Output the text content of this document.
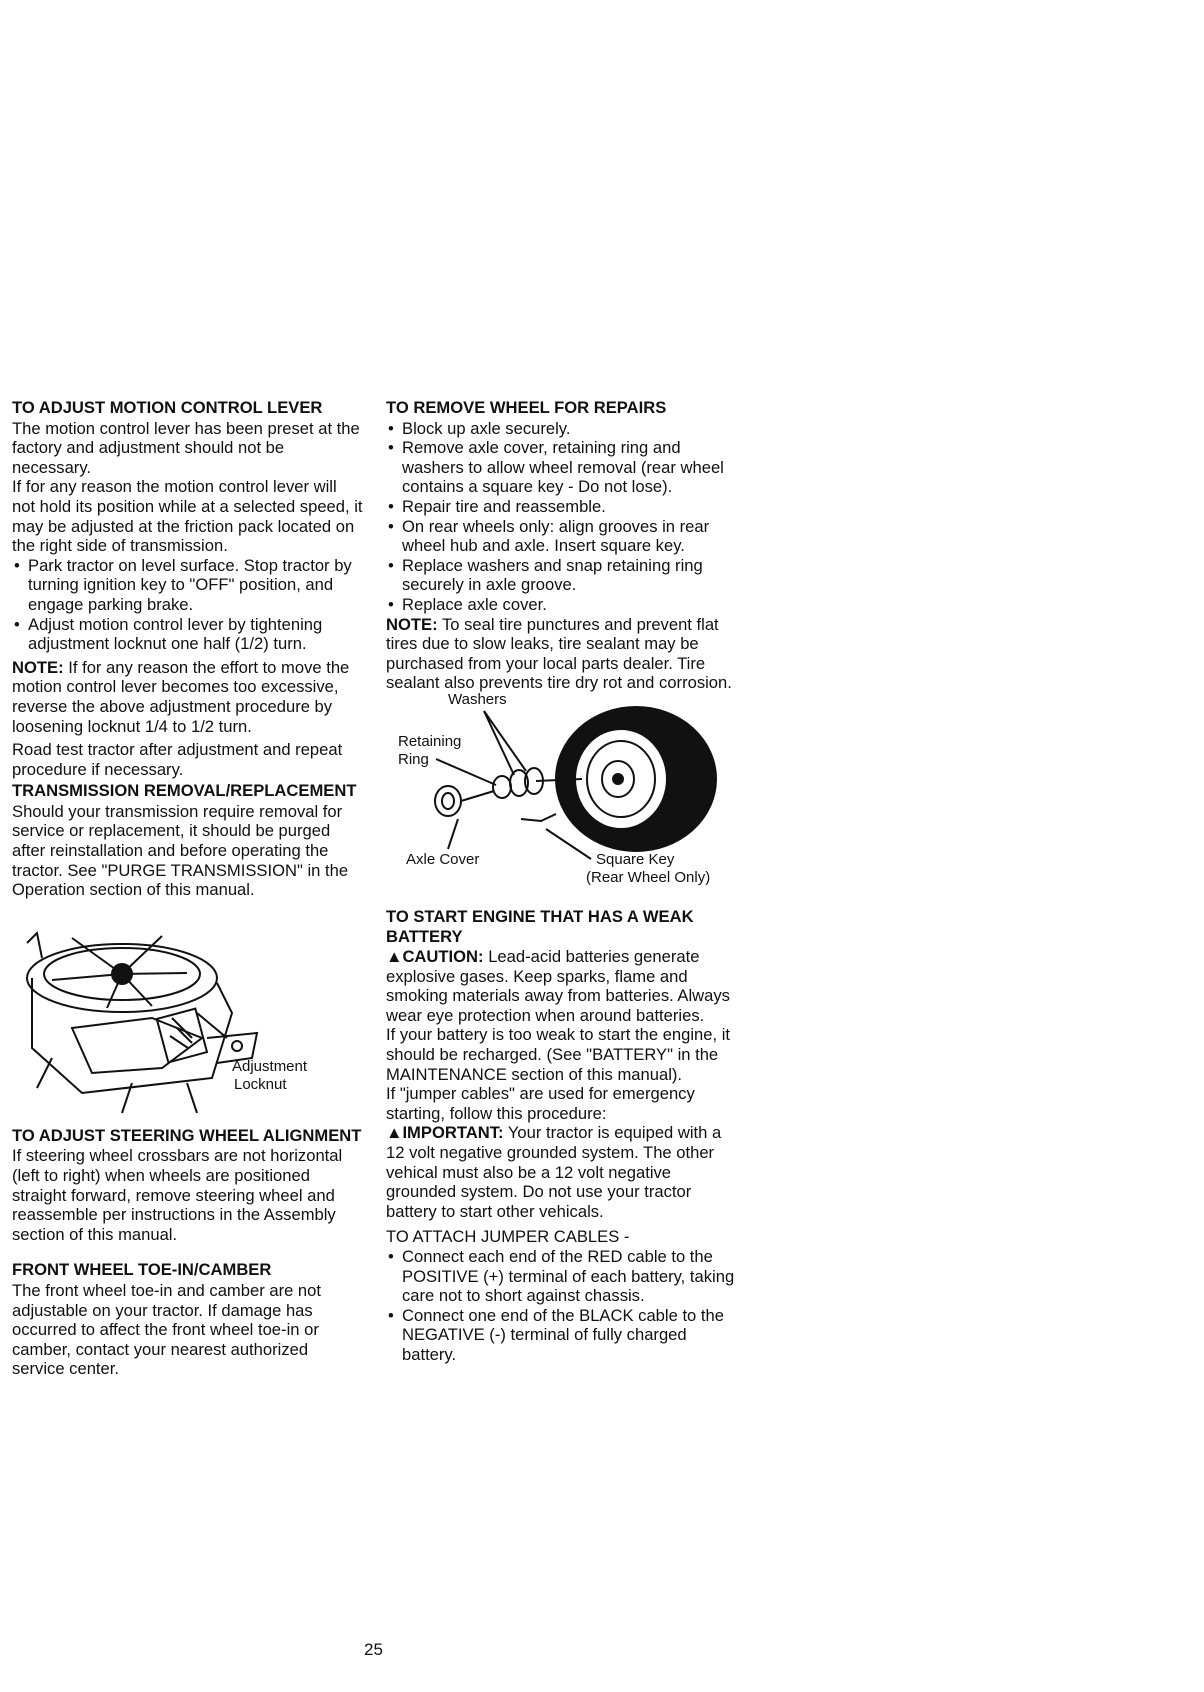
TO ADJUST MOTION CONTROL LEVER

The motion control lever has been preset at the factory and adjustment should not be necessary.

If for any reason the motion control lever will not hold its position while at a selected speed, it may be adjusted at the friction pack located on the right side of transmission.

• Park tractor on level surface. Stop tractor by turning ignition key to "OFF" position, and engage parking brake.
• Adjust motion control lever by tightening adjustment locknut one half (1/2) turn.

NOTE: If for any reason the effort to move the motion control lever becomes too excessive, reverse the above adjustment procedure by loosening locknut 1/4 to 1/2 turn.

Road test tractor after adjustment and repeat procedure if necessary.

TRANSMISSION REMOVAL/REPLACEMENT

Should your transmission require removal for service or replacement, it should be purged after reinstallation and before operating the tractor. See "PURGE TRANSMISSION" in the Operation section of this manual.

Adjustment
Locknut
TO ADJUST STEERING WHEEL ALIGNMENT

If steering wheel crossbars are not horizontal (left to right) when wheels are positioned straight forward, remove steering wheel and reassemble per instructions in the Assembly section of this manual.

FRONT WHEEL TOE-IN/CAMBER

The front wheel toe-in and camber are not adjustable on your tractor. If damage has occurred to affect the front wheel toe-in or camber, contact your nearest authorized service center.

TO REMOVE WHEEL FOR REPAIRS
• Block up axle securely.
• Remove axle cover, retaining ring and washers to allow wheel removal (rear wheel contains a square key - Do not lose).
• Repair tire and reassemble.
• On rear wheels only: align grooves in rear wheel hub and axle. Insert square key.
• Replace washers and snap retaining ring securely in axle groove.
• Replace axle cover.

NOTE: To seal tire punctures and prevent flat tires due to slow leaks, tire sealant may be purchased from your local parts dealer. Tire sealant also prevents tire dry rot and corrosion.

Washers
Retaining
Ring
Axle Cover	Square Key
(Rear Wheel Only)
TO START ENGINE THAT HAS A WEAK BATTERY

▲CAUTION: Lead-acid batteries generate explosive gases. Keep sparks, flame and smoking materials away from batteries. Always wear eye protection when around batteries.

If your battery is too weak to start the engine, it should be recharged. (See "BATTERY" in the MAINTENANCE section of this manual).

If "jumper cables" are used for emergency starting, follow this procedure:

▲IMPORTANT: Your tractor is equiped with a 12 volt negative grounded system. The other vehical must also be a 12 volt negative grounded system. Do not use your tractor battery to start other vehicals.

TO ATTACH JUMPER CABLES -

• Connect each end of the RED cable to the POSITIVE (+) terminal of each battery, taking care not to short against chassis.
• Connect one end of the BLACK cable to the NEGATIVE (-) terminal of fully charged battery.
25
